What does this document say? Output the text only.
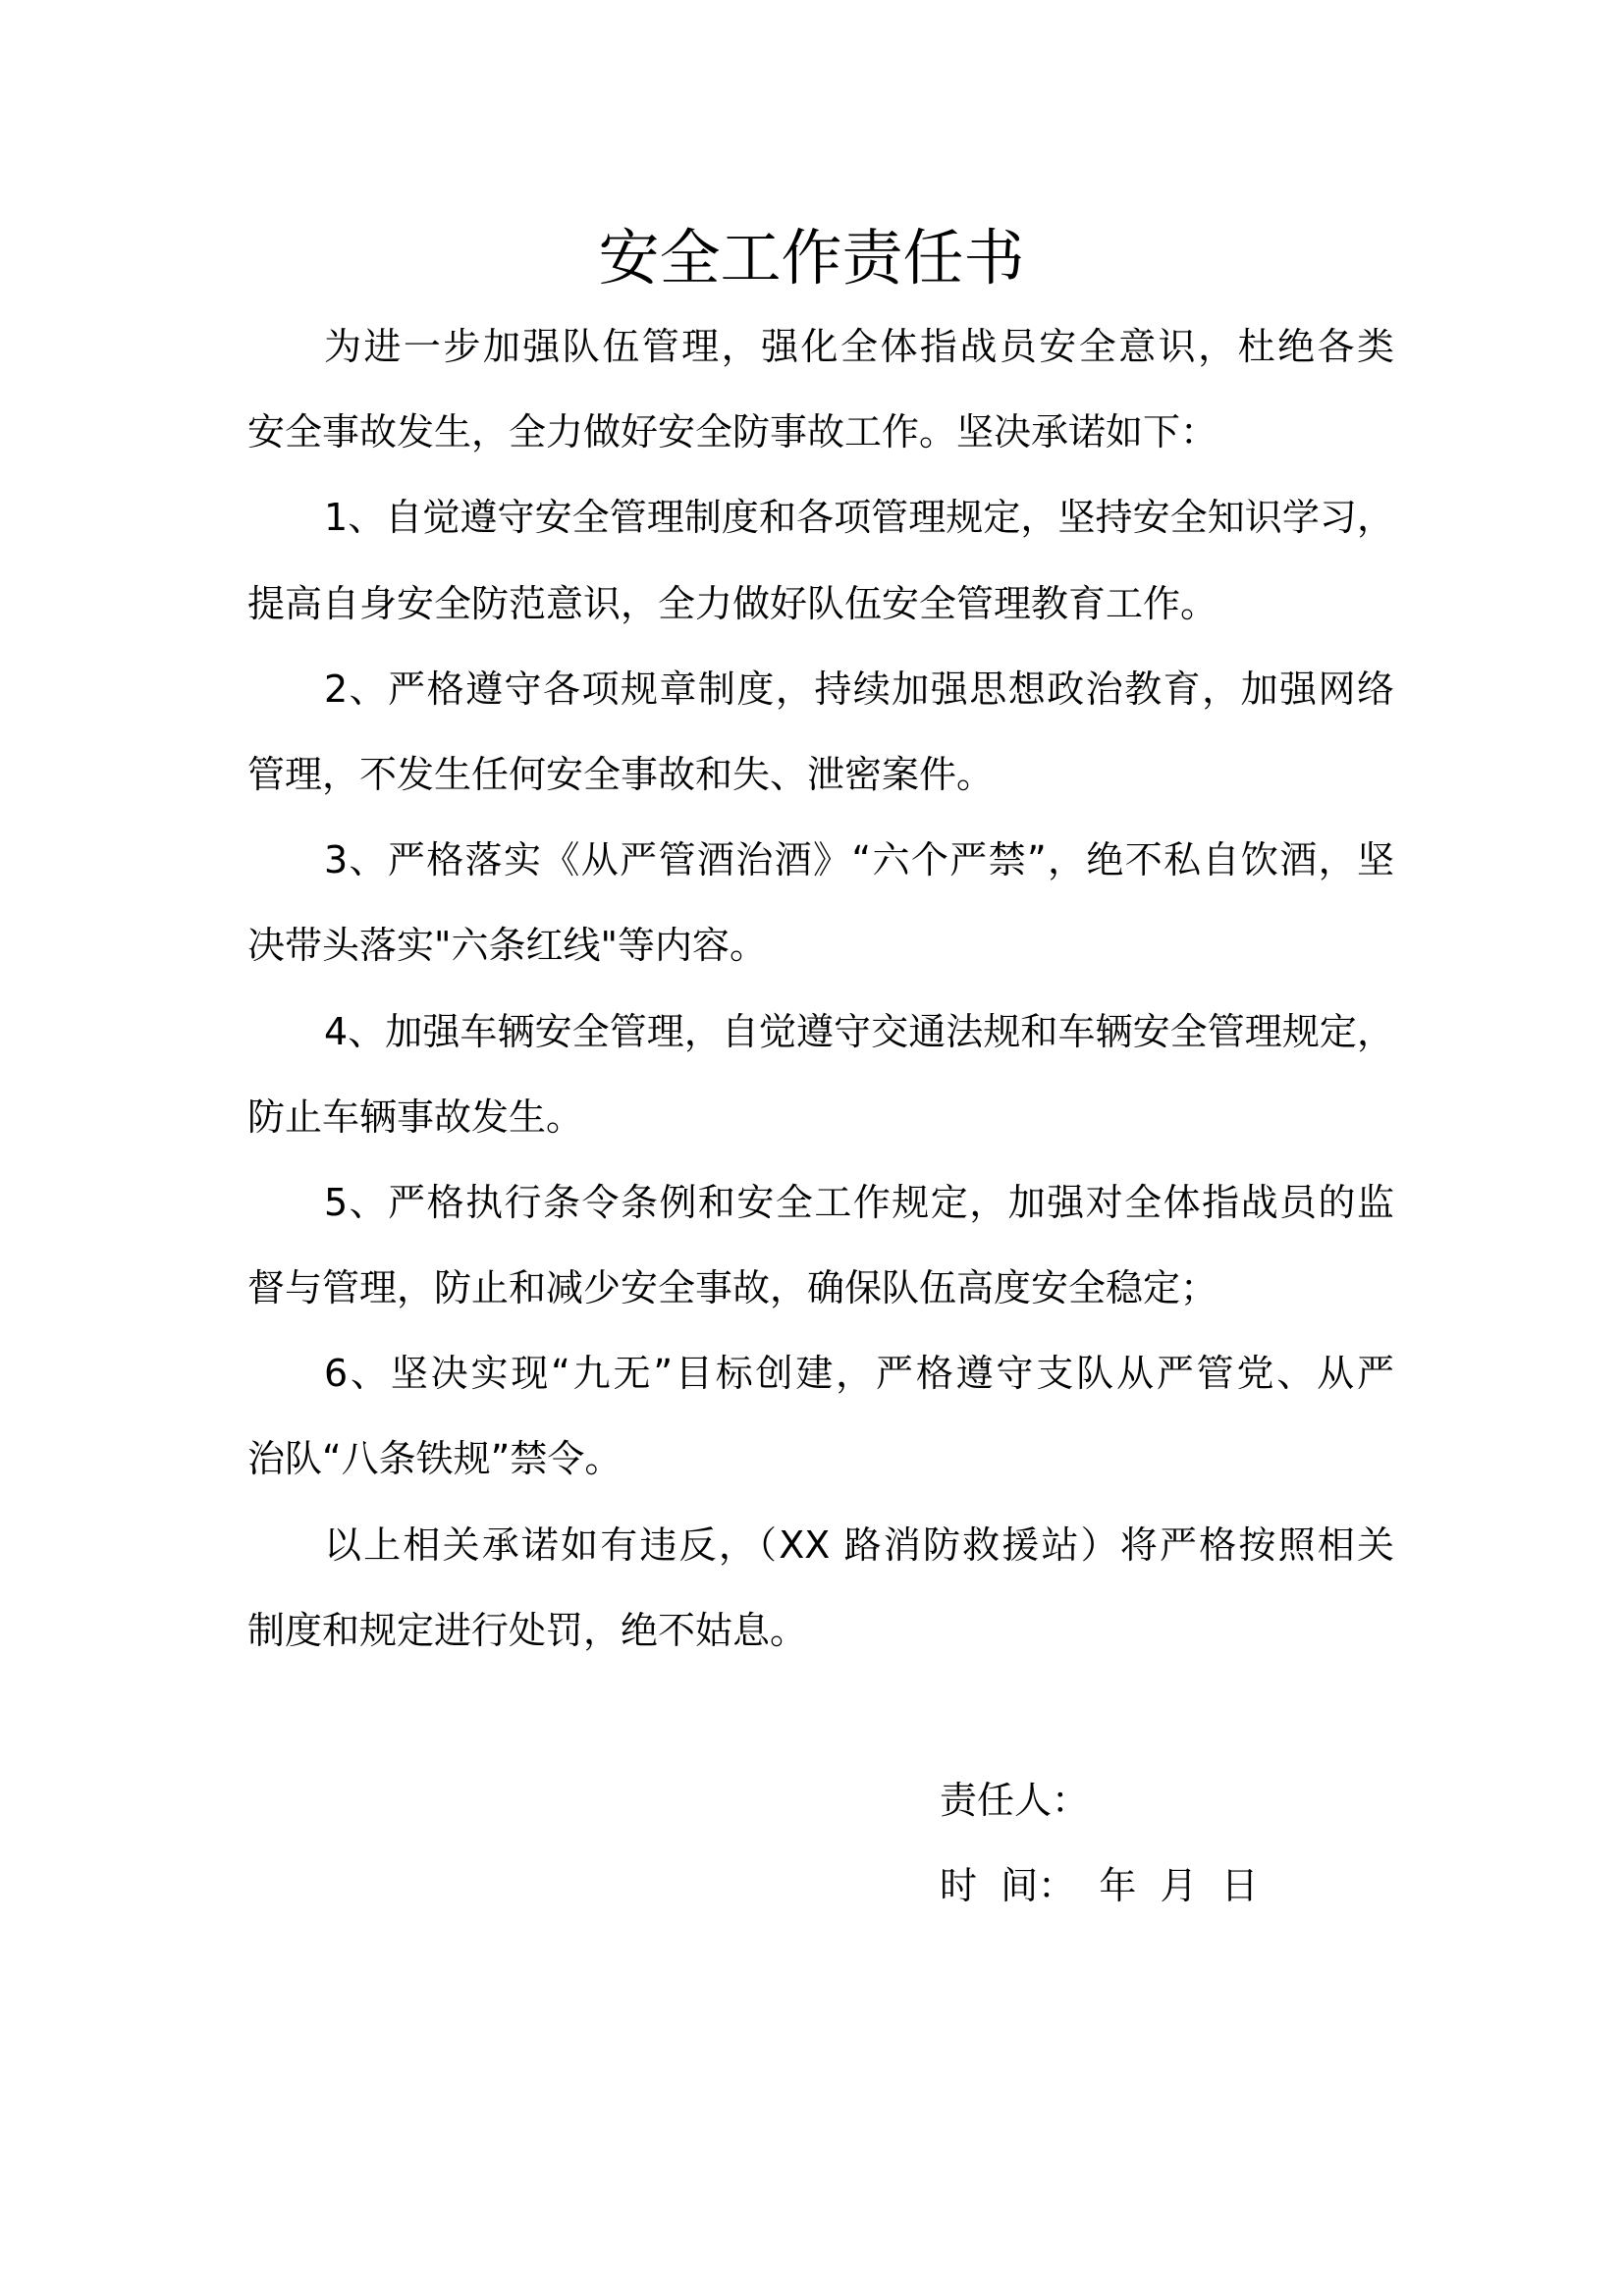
安全工作责任书
为进一步加强队伍管理，强化全体指战员安全意识，杜绝各类
安全事故发生，全力做好安全防事故工作。坚决承诺如下：
1、自觉遵守安全管理制度和各项管理规定，坚持安全知识学习，
提高自身安全防范意识，全力做好队伍安全管理教育工作。
2、严格遵守各项规章制度，持续加强思想政治教育，加强网络
管理，不发生任何安全事故和失、泄密案件。
3、严格落实《从严管酒治酒》“六个严禁”，绝不私自饮酒，坚
决带头落实"六条红线"等内容。
4、加强车辆安全管理，自觉遵守交通法规和车辆安全管理规定，
防止车辆事故发生。
5、严格执行条令条例和安全工作规定，加强对全体指战员的监
督与管理，防止和减少安全事故，确保队伍高度安全稳定；
6、坚决实现“九无”目标创建，严格遵守支队从严管党、从严
治队“八条铁规”禁令。
以上相关承诺如有违反，（XX 路消防救援站）将严格按照相关
制度和规定进行处罚，绝不姑息。
责任人：
时  间：  年  月  日
